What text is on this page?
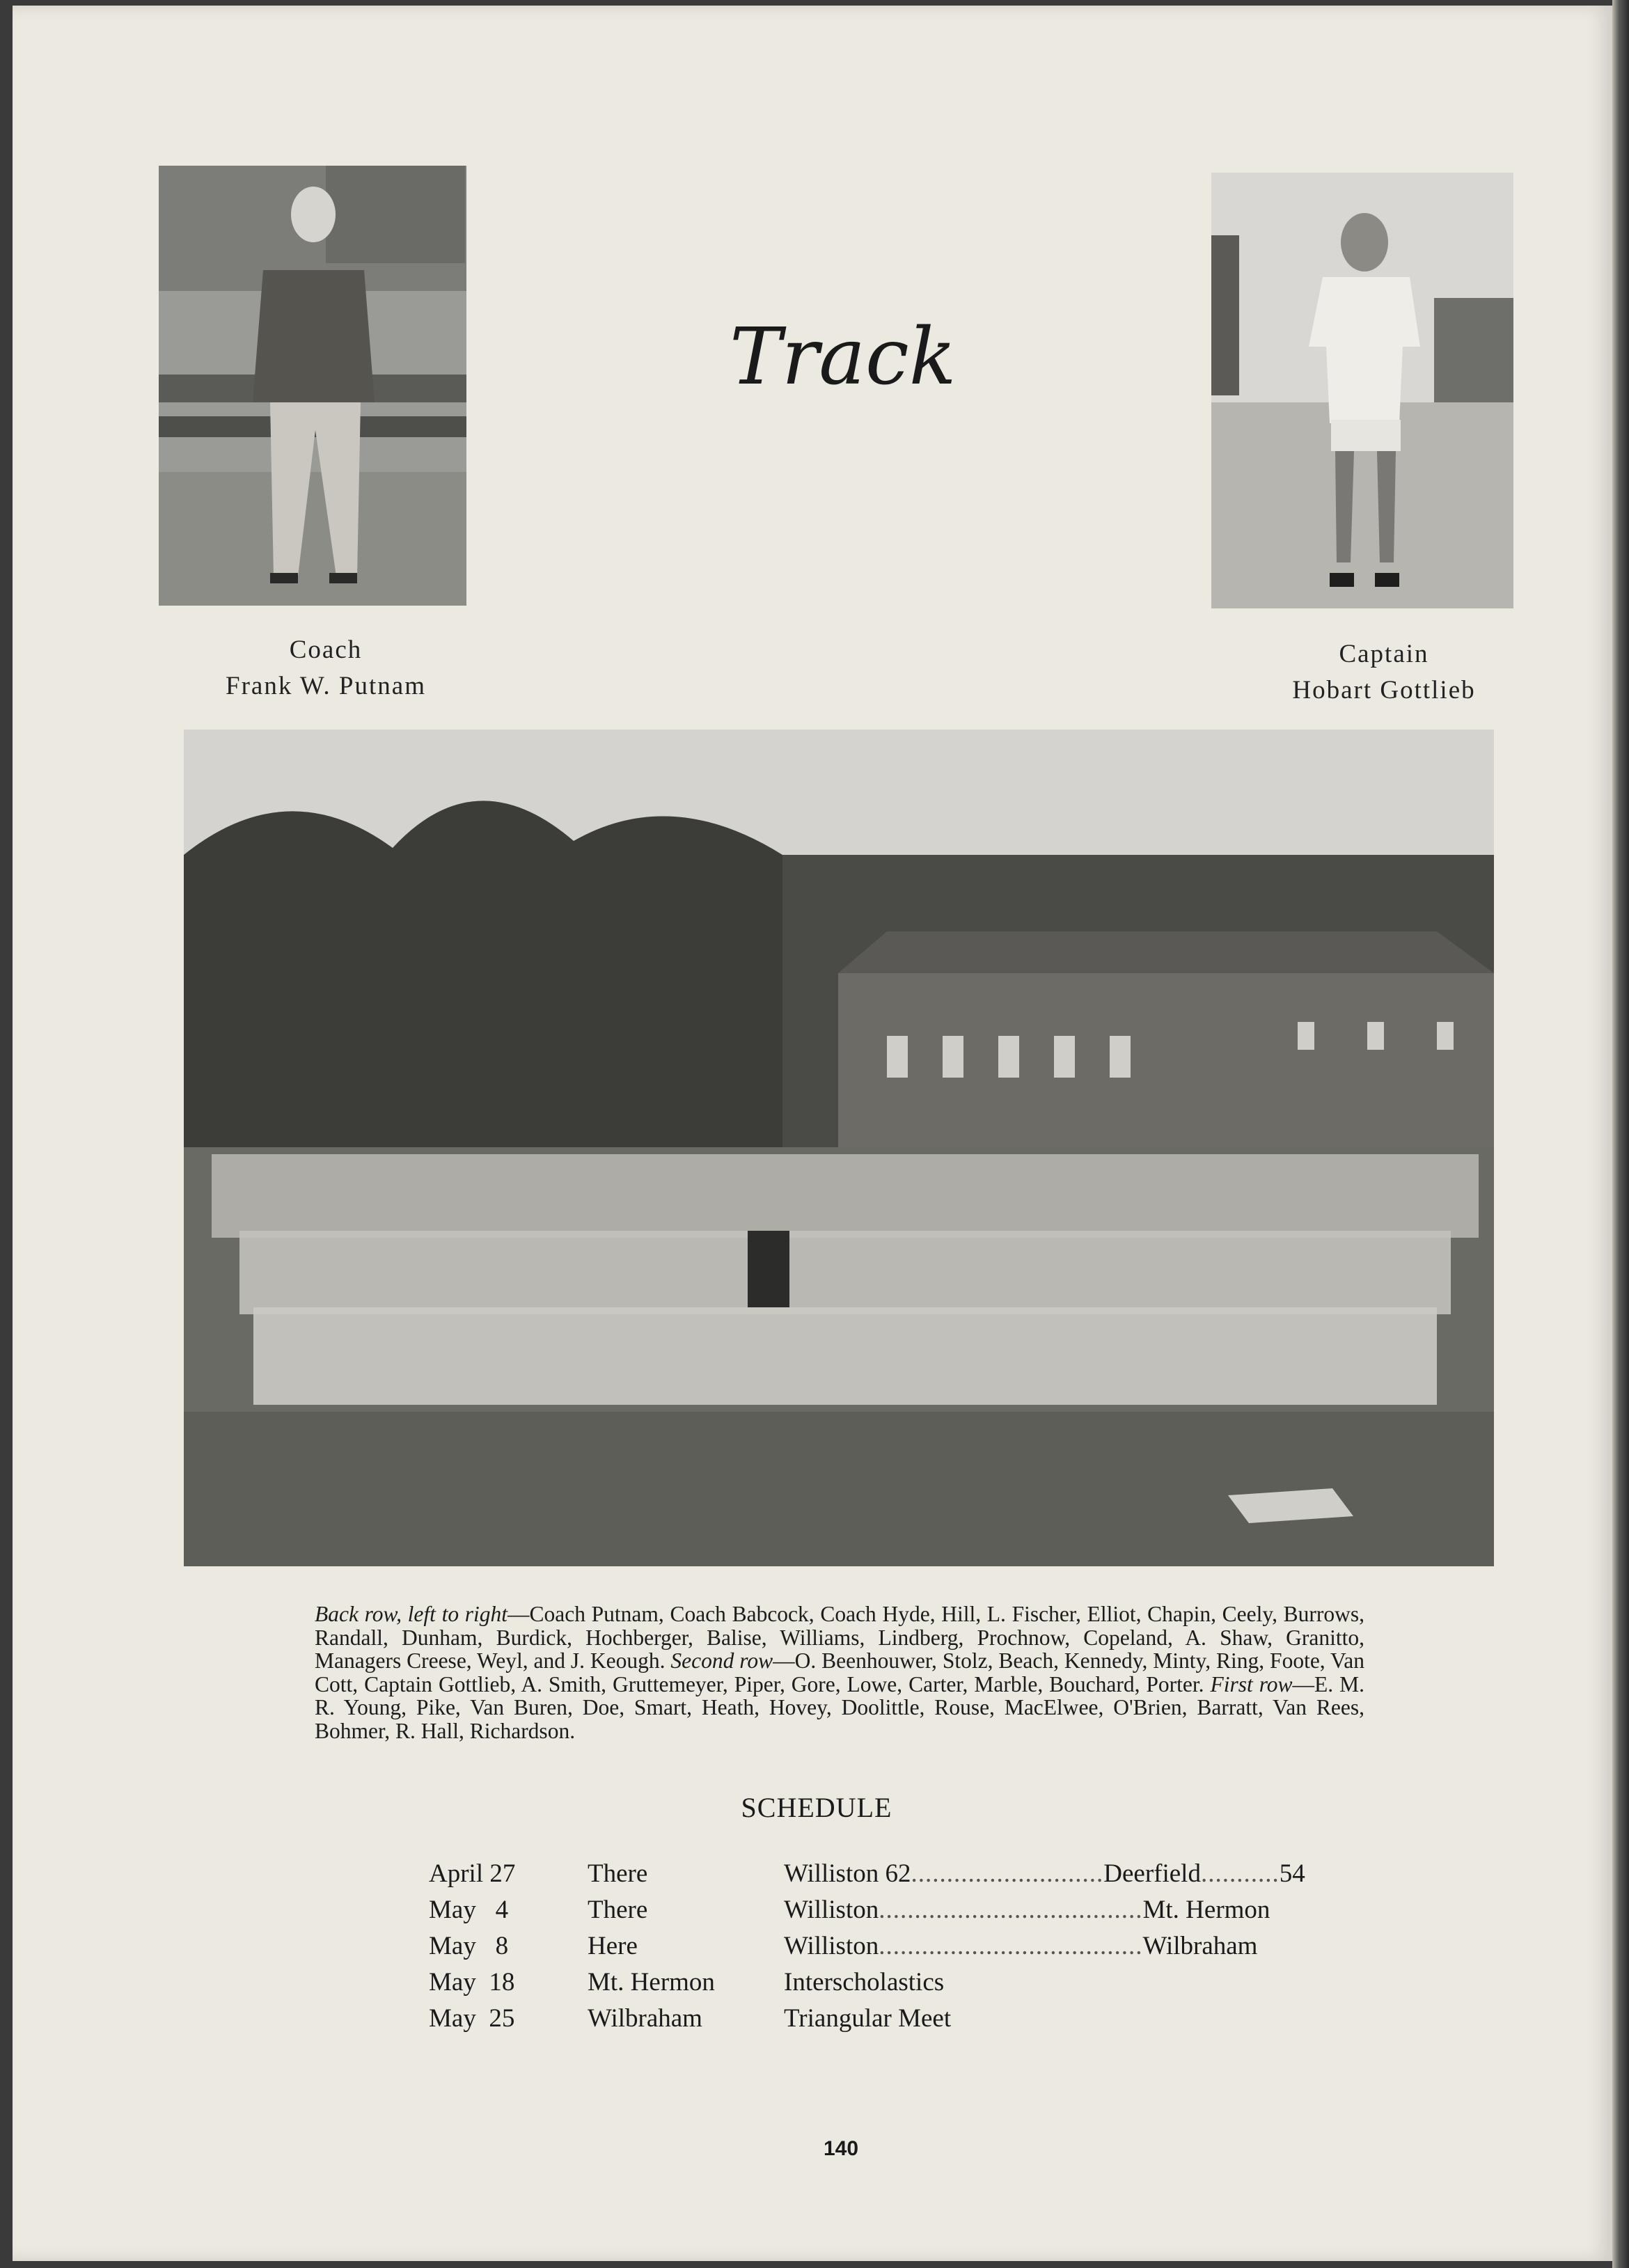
Coach
Frank W. Putnam
Track
Captain
Hobart Gottlieb
Back row, left to right—Coach Putnam, Coach Babcock, Coach Hyde, Hill, L. Fischer, Elliot, Chapin, Ceely, Burrows, Randall, Dunham, Burdick, Hochberger, Balise, Williams, Lindberg, Prochnow, Copeland, A. Shaw, Granitto, Managers Creese, Weyl, and J. Keough. Second row—O. Beenhouwer, Stolz, Beach, Kennedy, Minty, Ring, Foote, Van Cott, Captain Gottlieb, A. Smith, Gruttemeyer, Piper, Gore, Lowe, Carter, Marble, Bouchard, Porter. First row—E. M. R. Young, Pike, Van Buren, Doe, Smart, Heath, Hovey, Doolittle, Rouse, MacElwee, O'Brien, Barratt, Van Rees, Bohmer, R. Hall, Richardson.
SCHEDULE
April 27	There	Williston 62...........................Deerfield...........54
May   4	There	Williston.....................................Mt. Hermon
May   8	Here	Williston.....................................Wilbraham
May  18	Mt. Hermon	Interscholastics
May  25	Wilbraham	Triangular Meet
140
